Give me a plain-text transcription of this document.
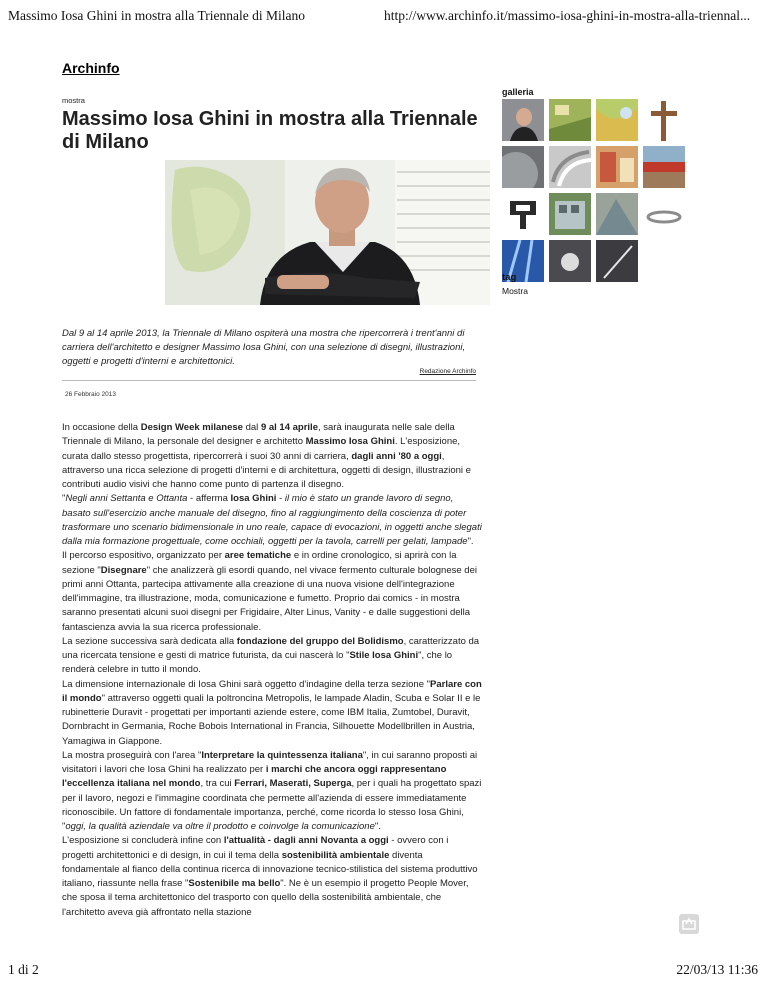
Massimo Iosa Ghini in mostra alla Triennale di Milano	http://www.archinfo.it/massimo-iosa-ghini-in-mostra-alla-triennal...
Archinfo
mostra
Massimo Iosa Ghini in mostra alla Triennale di Milano
Dal 9 al 14 aprile 2013, la Triennale di Milano ospiterà una mostra che ripercorrerà i trent'anni di carriera dell'architetto e designer Massimo Iosa Ghini, con una selezione di disegni, illustrazioni, oggetti e progetti d'interni e architettonici.
Redazione Archinfo
26 Febbraio 2013

In occasione della Design Week milanese dal 9 al 14 aprile, sarà inaugurata nelle sale della Triennale di Milano, la personale del designer e architetto Massimo Iosa Ghini. L'esposizione, curata dallo stesso progettista, ripercorrerà i suoi 30 anni di carriera, dagli anni '80 a oggi, attraverso una ricca selezione di progetti d'interni e di architettura, oggetti di design, illustrazioni e contributi audio visivi che hanno come punto di partenza il disegno.

"Negli anni Settanta e Ottanta - afferma Iosa Ghini - il mio è stato un grande lavoro di segno, basato sull'esercizio anche manuale del disegno, fino al raggiungimento della coscienza di poter trasformare uno scenario bidimensionale in uno reale, capace di evocazioni, in oggetti anche slegati dalla mia formazione progettuale, come occhiali, oggetti per la tavola, carrelli per gelati, lampade".

Il percorso espositivo, organizzato per aree tematiche e in ordine cronologico, si aprirà con la sezione "Disegnare" che analizzerà gli esordi quando, nel vivace fermento culturale bolognese dei primi anni Ottanta, partecipa attivamente alla creazione di una nuova visione dell'integrazione dell'immagine, tra illustrazione, moda, comunicazione e fumetto. Proprio dai comics - in mostra saranno presentati alcuni suoi disegni per Frigidaire, Alter Linus, Vanity - e dalle suggestioni della fantascienza avvia la sua ricerca professionale.

La sezione successiva sarà dedicata alla fondazione del gruppo del Bolidismo, caratterizzato da una ricercata tensione e gesti di matrice futurista, da cui nascerà lo "Stile Iosa Ghini", che lo renderà celebre in tutto il mondo.

La dimensione internazionale di Iosa Ghini sarà oggetto d'indagine della terza sezione "Parlare con il mondo" attraverso oggetti quali la poltroncina Metropolis, le lampade Aladin, Scuba e Solar II e le rubinetterie Duravit - progettati per importanti aziende estere, come IBM Italia, Zumtobel, Duravit, Dornbracht in Germania, Roche Bobois International in Francia, Silhouette Modellbrillen in Austria, Yamagiwa in Giappone.

La mostra proseguirà con l'area "Interpretare la quintessenza italiana", in cui saranno proposti ai visitatori i lavori che Iosa Ghini ha realizzato per i marchi che ancora oggi rappresentano l'eccellenza italiana nel mondo, tra cui Ferrari, Maserati, Superga, per i quali ha progettato spazi per il lavoro, negozi e l'immagine coordinata che permette all'azienda di essere immediatamente riconoscibile. Un fattore di fondamentale importanza, perché, come ricorda lo stesso Iosa Ghini, "oggi, la qualità aziendale va oltre il prodotto e coinvolge la comunicazione".

L'esposizione si concluderà infine con l'attualità - dagli anni Novanta a oggi - ovvero con i progetti architettonici e di design, in cui il tema della sostenibilità ambientale diventa fondamentale al fianco della continua ricerca di innovazione tecnico-stilistica del sistema produttivo italiano, riassunte nella frase "Sostenibile ma bello". Ne è un esempio il progetto People Mover, che sposa il tema architettonico del trasporto con quello della sostenibilità ambientale, che l'architetto aveva già affrontato nella stazione

galleria
tag
Mostra
1 di 2	22/03/13 11:36
